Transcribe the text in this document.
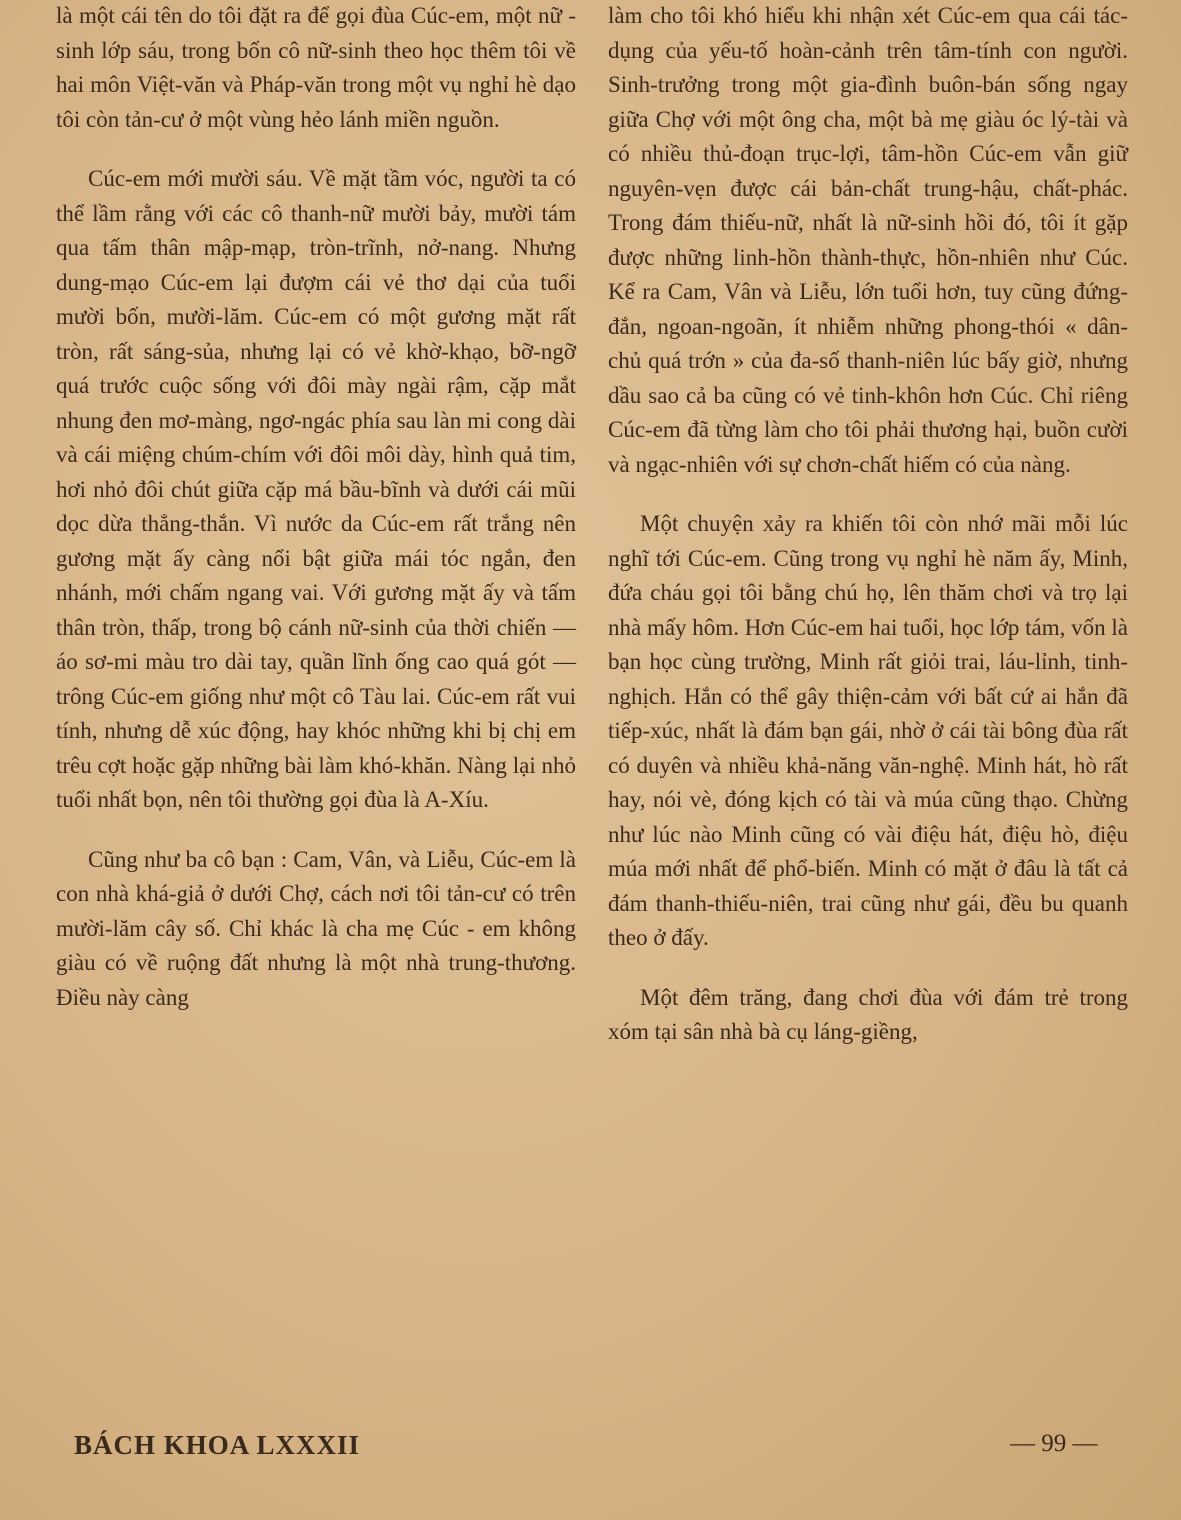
là một cái tên do tôi đặt ra để gọi đùa Cúc-em, một nữ - sinh lớp sáu, trong bốn cô nữ-sinh theo học thêm tôi về hai môn Việt-văn và Pháp-văn trong một vụ nghỉ hè dạo tôi còn tản-cư ở một vùng hẻo lánh miền nguồn.

Cúc-em mới mười sáu. Về mặt tầm vóc, người ta có thể lầm rằng với các cô thanh-nữ mười bảy, mười tám qua tấm thân mập-mạp, tròn-trĩnh, nở-nang. Nhưng dung-mạo Cúc-em lại đượm cái vẻ thơ dại của tuổi mười bốn, mười-lăm. Cúc-em có một gương mặt rất tròn, rất sáng-sủa, nhưng lại có vẻ khờ-khạo, bỡ-ngỡ quá trước cuộc sống với đôi mày ngài rậm, cặp mắt nhung đen mơ-màng, ngơ-ngác phía sau làn mi cong dài và cái miệng chúm-chím với đôi môi dày, hình quả tim, hơi nhỏ đôi chút giữa cặp má bầu-bĩnh và dưới cái mũi dọc dừa thẳng-thắn. Vì nước da Cúc-em rất trắng nên gương mặt ấy càng nổi bật giữa mái tóc ngắn, đen nhánh, mới chấm ngang vai. Với gương mặt ấy và tấm thân tròn, thấp, trong bộ cánh nữ-sinh của thời chiến — áo sơ-mi màu tro dài tay, quần lĩnh ống cao quá gót — trông Cúc-em giống như một cô Tàu lai. Cúc-em rất vui tính, nhưng dễ xúc động, hay khóc những khi bị chị em trêu cợt hoặc gặp những bài làm khó-khăn. Nàng lại nhỏ tuổi nhất bọn, nên tôi thường gọi đùa là A-Xíu.

Cũng như ba cô bạn : Cam, Vân, và Liễu, Cúc-em là con nhà khá-giả ở dưới Chợ, cách nơi tôi tản-cư có trên mười-lăm cây số. Chỉ khác là cha mẹ Cúc - em không giàu có về ruộng đất nhưng là một nhà trung-thương. Điều này càng

làm cho tôi khó hiểu khi nhận xét Cúc-em qua cái tác-dụng của yếu-tố hoàn-cảnh trên tâm-tính con người. Sinh-trưởng trong một gia-đình buôn-bán sống ngay giữa Chợ với một ông cha, một bà mẹ giàu óc lý-tài và có nhiều thủ-đoạn trục-lợi, tâm-hồn Cúc-em vẫn giữ nguyên-vẹn được cái bản-chất trung-hậu, chất-phác. Trong đám thiếu-nữ, nhất là nữ-sinh hồi đó, tôi ít gặp được những linh-hồn thành-thực, hồn-nhiên như Cúc. Kể ra Cam, Vân và Liễu, lớn tuổi hơn, tuy cũng đứng-đắn, ngoan-ngoãn, ít nhiễm những phong-thói « dân-chủ quá trớn » của đa-số thanh-niên lúc bấy giờ, nhưng dầu sao cả ba cũng có vẻ tinh-khôn hơn Cúc. Chỉ riêng Cúc-em đã từng làm cho tôi phải thương hại, buồn cười và ngạc-nhiên với sự chơn-chất hiếm có của nàng.

Một chuyện xảy ra khiến tôi còn nhớ mãi mỗi lúc nghĩ tới Cúc-em. Cũng trong vụ nghỉ hè năm ấy, Minh, đứa cháu gọi tôi bằng chú họ, lên thăm chơi và trọ lại nhà mấy hôm. Hơn Cúc-em hai tuổi, học lớp tám, vốn là bạn học cùng trường, Minh rất giỏi trai, láu-lỉnh, tinh-nghịch. Hắn có thể gây thiện-cảm với bất cứ ai hắn đã tiếp-xúc, nhất là đám bạn gái, nhờ ở cái tài bông đùa rất có duyên và nhiều khả-năng văn-nghệ. Minh hát, hò rất hay, nói vè, đóng kịch có tài và múa cũng thạo. Chừng như lúc nào Minh cũng có vài điệu hát, điệu hò, điệu múa mới nhất để phổ-biến. Minh có mặt ở đâu là tất cả đám thanh-thiếu-niên, trai cũng như gái, đều bu quanh theo ở đấy.

Một đêm trăng, đang chơi đùa với đám trẻ trong xóm tại sân nhà bà cụ láng-giềng,

BÁCH KHOA LXXXII	— 99 —
